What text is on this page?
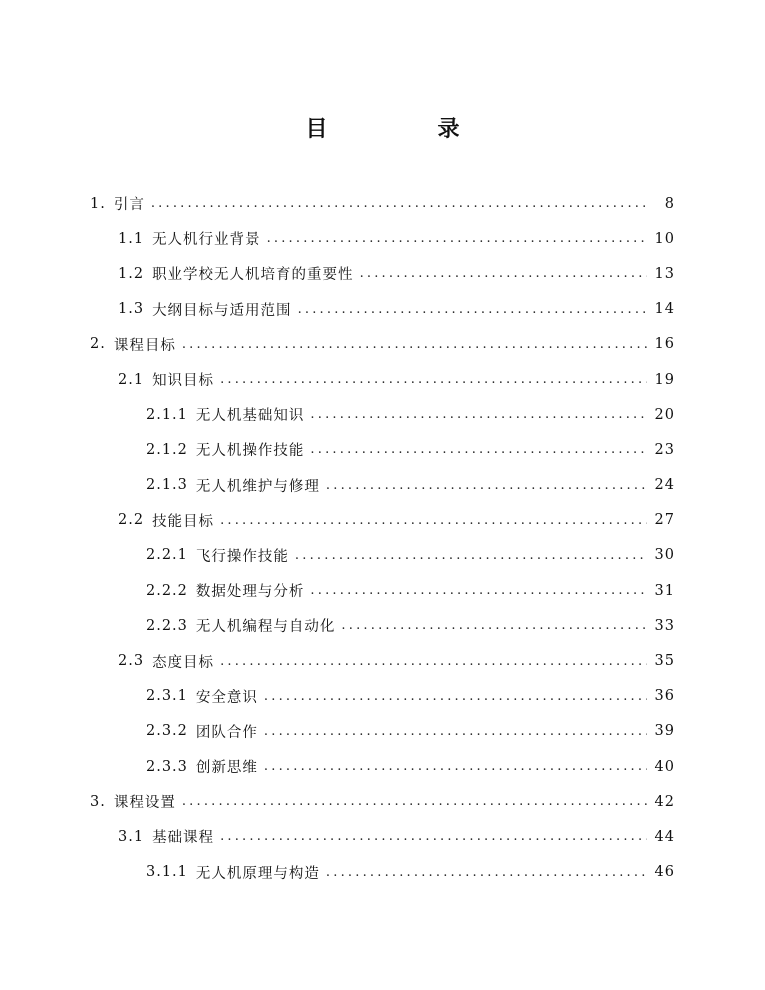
目　录
1. 引言 .....	8
1.1 无人机行业背景 .....	10
1.2 职业学校无人机培育的重要性 .....	13
1.3 大纲目标与适用范围 .....	14
2. 课程目标 .....	16
2.1 知识目标 .....	19
2.1.1 无人机基础知识 .....	20
2.1.2 无人机操作技能 .....	23
2.1.3 无人机维护与修理 .....	24
2.2 技能目标 .....	27
2.2.1 飞行操作技能 .....	30
2.2.2 数据处理与分析 .....	31
2.2.3 无人机编程与自动化 .....	33
2.3 态度目标 .....	35
2.3.1 安全意识 .....	36
2.3.2 团队合作 .....	39
2.3.3 创新思维 .....	40
3. 课程设置 .....	42
3.1 基础课程 .....	44
3.1.1 无人机原理与构造 .....	46
